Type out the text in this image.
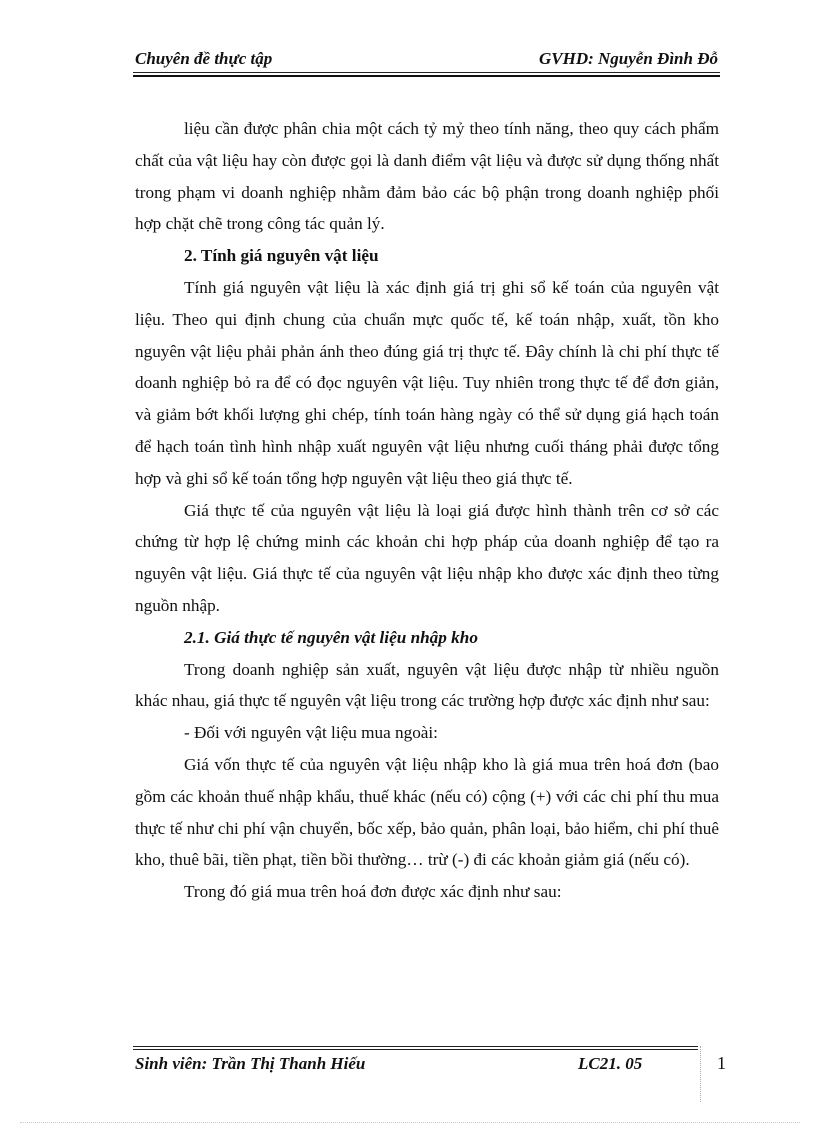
Chuyên đề thực tập	GVHD: Nguyễn Đình Đỗ

liệu cần được phân chia một cách tỷ mỷ theo tính năng, theo quy cách phẩm chất của vật liệu hay còn được gọi là danh điểm vật liệu và được sử dụng thống nhất trong phạm vi doanh nghiệp nhằm đảm bảo các bộ phận trong doanh nghiệp phối hợp chặt chẽ trong công tác quản lý.

2. Tính giá nguyên vật liệu

Tính giá nguyên vật liệu là xác định giá trị ghi sổ kế toán của nguyên vật liệu. Theo qui định chung của chuẩn mực quốc tế, kế toán nhập, xuất, tồn kho nguyên vật liệu phải phản ánh theo đúng giá trị thực tế. Đây chính là chi phí thực tế doanh nghiệp bỏ ra để có đọc nguyên vật liệu. Tuy nhiên trong thực tế để đơn giản, và giảm bớt khối lượng ghi chép, tính toán hàng ngày có thể sử dụng giá hạch toán để hạch toán tình hình nhập xuất nguyên vật liệu nhưng cuối tháng phải được tổng hợp và ghi sổ kế toán tổng hợp nguyên vật liệu theo giá thực tế.

Giá thực tế của nguyên vật liệu là loại giá được hình thành trên cơ sở các chứng từ hợp lệ chứng minh các khoản chi hợp pháp của doanh nghiệp để tạo ra nguyên vật liệu. Giá thực tế của nguyên vật liệu nhập kho được xác định theo từng nguồn nhập.

2.1. Giá thực tế nguyên vật liệu nhập kho

Trong doanh nghiệp sản xuất, nguyên vật liệu được nhập từ nhiều nguồn khác nhau, giá thực tế nguyên vật liệu trong các trường hợp được xác định như sau:

- Đối với nguyên vật liệu mua ngoài:

Giá vốn thực tế của nguyên vật liệu nhập kho là giá mua trên hoá đơn (bao gồm các khoản thuế nhập khẩu, thuế khác (nếu có) cộng (+) với các chi phí thu mua thực tế như chi phí vận chuyển, bốc xếp, bảo quản, phân loại, bảo hiểm, chi phí thuê kho, thuê bãi, tiền phạt, tiền bồi thường… trừ (-) đi các khoản giảm giá (nếu có).

Trong đó giá mua trên hoá đơn được xác định như sau:

Sinh viên: Trần Thị Thanh Hiếu	LC21. 05	1
